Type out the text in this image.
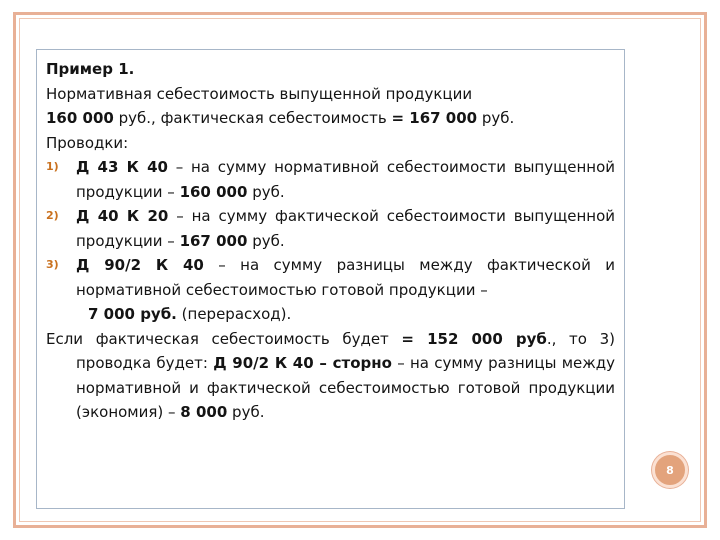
Пример 1.

Нормативная себестоимость выпущенной продукции

160 000 руб., фактическая себестоимость = 167 000 руб.

Проводки:

1) Д 43 К 40 – на сумму нормативной себестоимости выпущенной продукции – 160 000 руб.
2) Д 40 К 20 – на сумму фактической себестоимости выпущенной продукции – 167 000 руб.
3) Д 90/2 К 40 – на сумму разницы между фактической и нормативной себестоимостью готовой продукции –

7 000 руб. (перерасход).

Если фактическая себестоимость будет = 152 000 руб., то 3) проводка будет: Д 90/2 К 40 – сторно – на сумму разницы между нормативной и фактической себестоимостью готовой продукции (экономия) – 8 000 руб.

8
